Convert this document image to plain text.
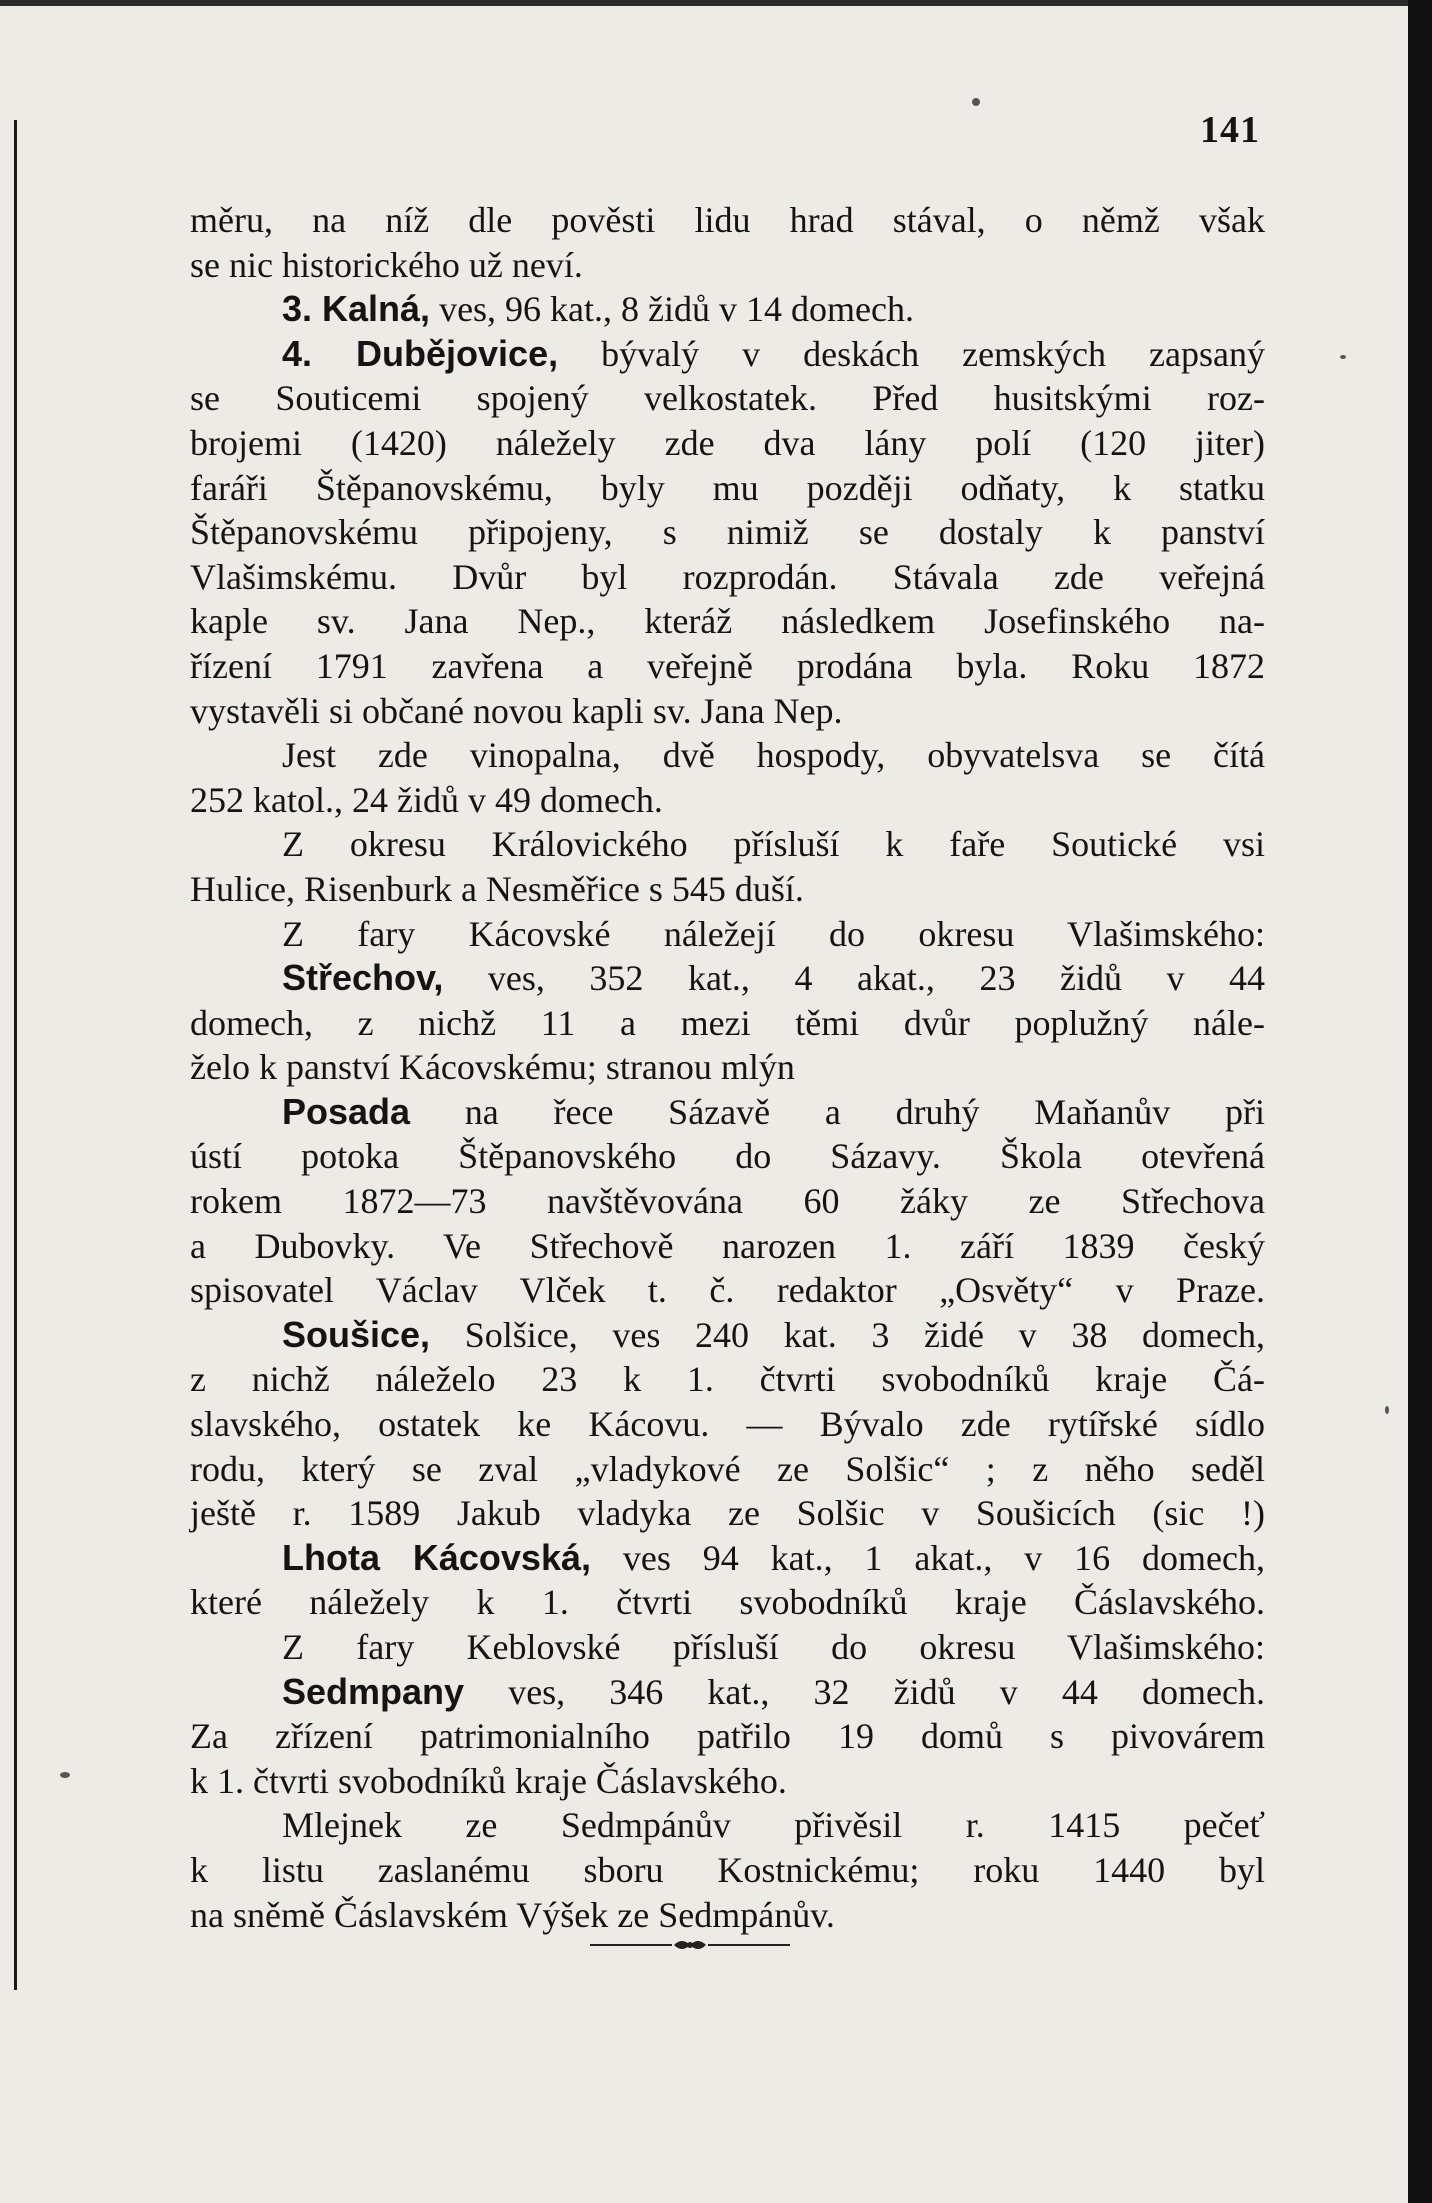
141
měru, na níž dle pověsti lidu hrad stával, o němž však
se nic historického už neví.
3. Kalná, ves, 96 kat., 8 židů v 14 domech.
4. Dubějovice, bývalý v deskách zemských zapsaný
se Souticemi spojený velkostatek. Před husitskými roz-
brojemi (1420) náležely zde dva lány polí (120 jiter)
faráři Štěpanovskému, byly mu později odňaty, k statku
Štěpanovskému připojeny, s nimiž se dostaly k panství
Vlašimskému. Dvůr byl rozprodán. Stávala zde veřejná
kaple sv. Jana Nep., kteráž následkem Josefinského na-
řízení 1791 zavřena a veřejně prodána byla. Roku 1872
vystavěli si občané novou kapli sv. Jana Nep.
Jest zde vinopalna, dvě hospody, obyvatelsva se čítá
252 katol., 24 židů v 49 domech.
Z okresu Královického přísluší k faře Soutické vsi
Hulice, Risenburk a Nesměřice s 545 duší.
Z fary Kácovské náležejí do okresu Vlašimského:
Střechov, ves, 352 kat., 4 akat., 23 židů v 44
domech, z nichž 11 a mezi těmi dvůr poplužný nále-
želo k panství Kácovskému; stranou mlýn
Posada na řece Sázavě a druhý Maňanův při
ústí potoka Štěpanovského do Sázavy. Škola otevřená
rokem 1872—73 navštěvována 60 žáky ze Střechova
a Dubovky. Ve Střechově narozen 1. září 1839 český
spisovatel Václav Vlček t. č. redaktor „Osvěty“ v Praze.
Soušice, Solšice, ves 240 kat. 3 židé v 38 domech,
z nichž náleželo 23 k 1. čtvrti svobodníků kraje Čá-
slavského, ostatek ke Kácovu. — Bývalo zde rytířské sídlo
rodu, který se zval „vladykové ze Solšic“ ; z něho seděl
ještě r. 1589 Jakub vladyka ze Solšic v Soušicích (sic !)
Lhota Kácovská, ves 94 kat., 1 akat., v 16 domech,
které náležely k 1. čtvrti svobodníků kraje Čáslavského.
Z fary Keblovské přísluší do okresu Vlašimského:
Sedmpany ves, 346 kat., 32 židů v 44 domech.
Za zřízení patrimonialního patřilo 19 domů s pivovárem
k 1. čtvrti svobodníků kraje Čáslavského.
Mlejnek ze Sedmpánův přivěsil r. 1415 pečeť
k listu zaslanému sboru Kostnickému; roku 1440 byl
na sněmě Čáslavském Výšek ze Sedmpánův.
